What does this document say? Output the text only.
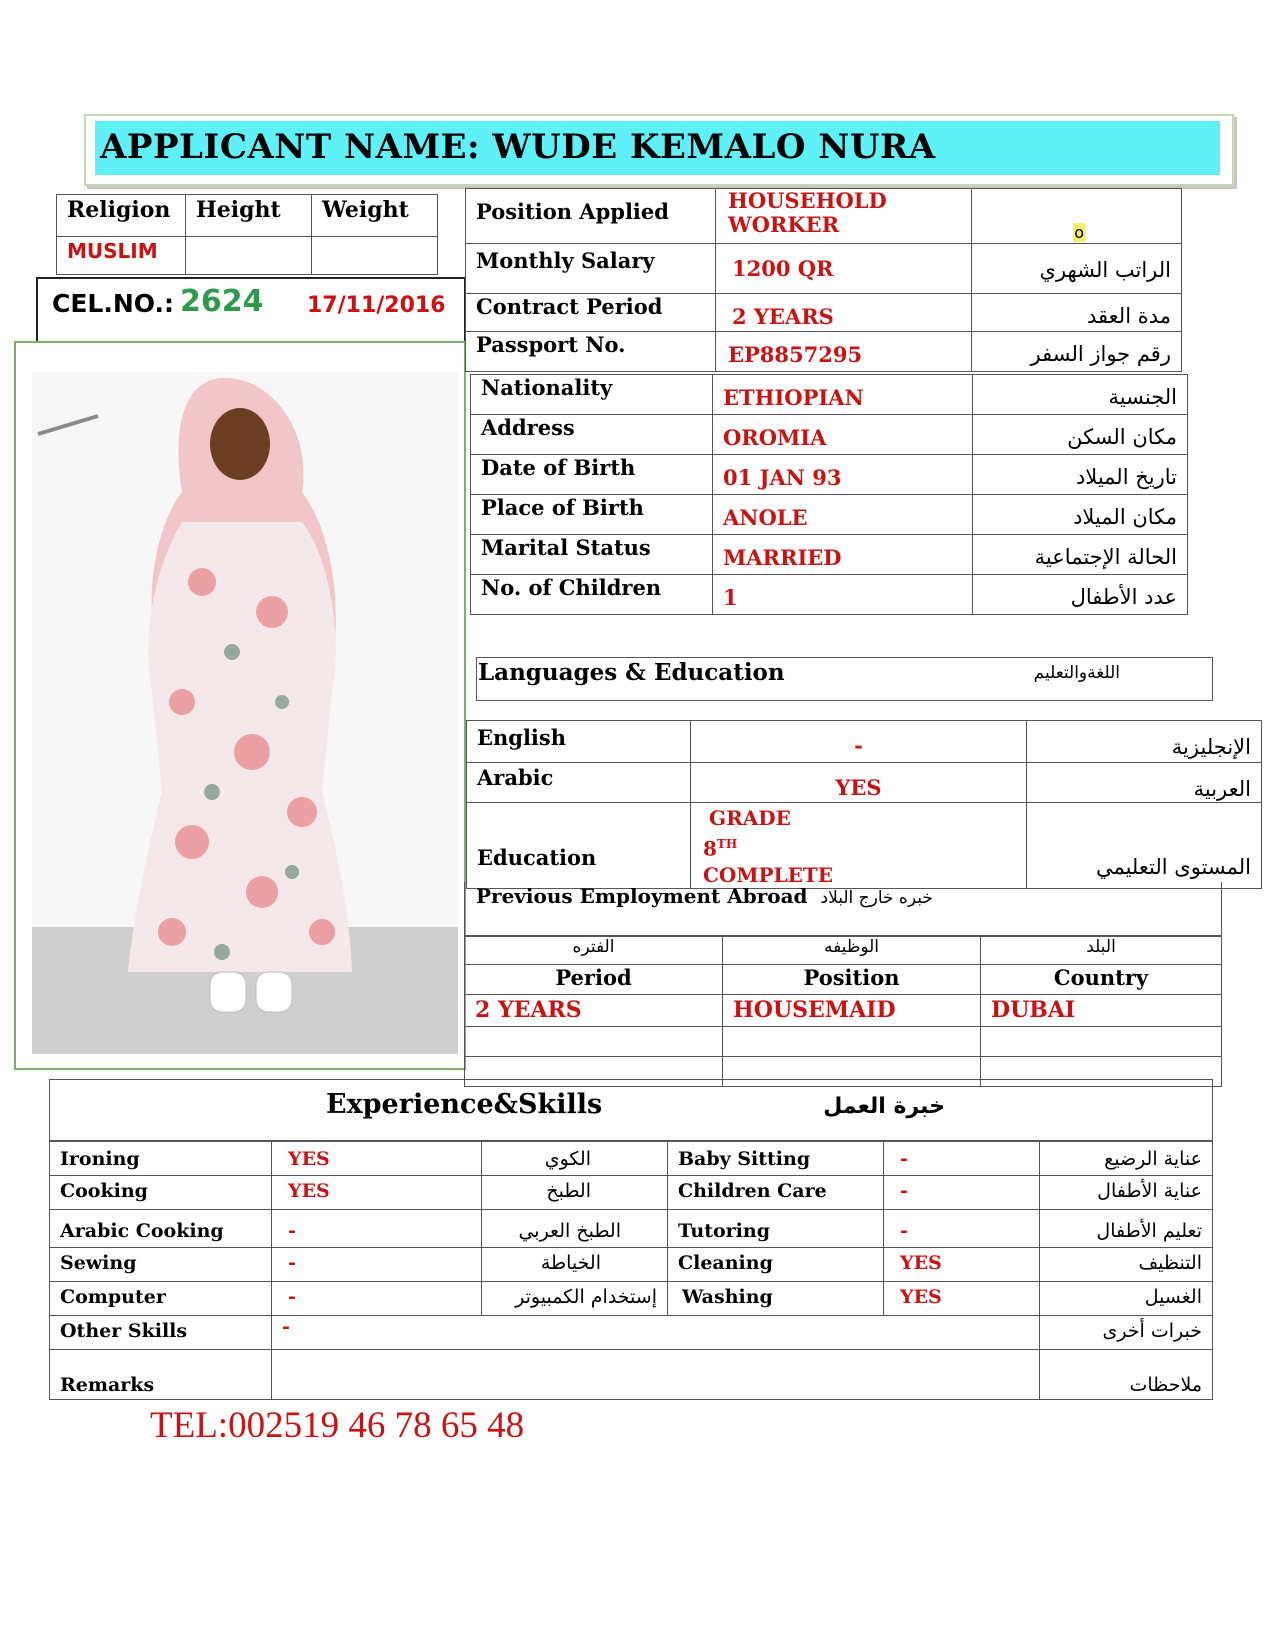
APPLICANT NAME: WUDE KEMALO NURA
Religion	Height	Weight
MUSLIM		
CEL.NO.: 2624 17/11/2016
Position Applied	HOUSEHOLD WORKER	o
Monthly Salary	1200 QR	الراتب الشهري
Contract Period	2 YEARS	مدة العقد
Passport No.	EP8857295	رقم جواز السفر
Nationality	ETHIOPIAN	الجنسية
Address	OROMIA	مكان السكن
Date of Birth	01 JAN 93	تاريخ الميلاد
Place of Birth	ANOLE	مكان الميلاد
Marital Status	MARRIED	الحالة الإجتماعية
No. of Children	1	عدد الأطفال
Languages & Education	اللغةوالتعليم
English	-	الإنجليزية
Arabic	YES	العربية
Education	GRADE
8TH
COMPLETE	المستوى التعليمي
Previous Employment Abroad خبره خارج البلاد
الفتره	الوظيفه	البلد
Period	Position	Country
2 YEARS	HOUSEMAID	DUBAI

Experience&Skills	خبرة العمل
Ironing	YES	الكوي	Baby Sitting	-	عناية الرضيع
Cooking	YES	الطبخ	Children Care	-	عناية الأطفال
Arabic Cooking	-	الطبخ العربي	Tutoring	-	تعليم الأطفال
Sewing	-	الخياطة	Cleaning	YES	التنظيف
Computer	-	إستخدام الكمبيوتر	Washing	YES	الغسيل
Other Skills	-				خبرات أخرى
Remarks					ملاحظات
TEL:002519 46 78 65 48
